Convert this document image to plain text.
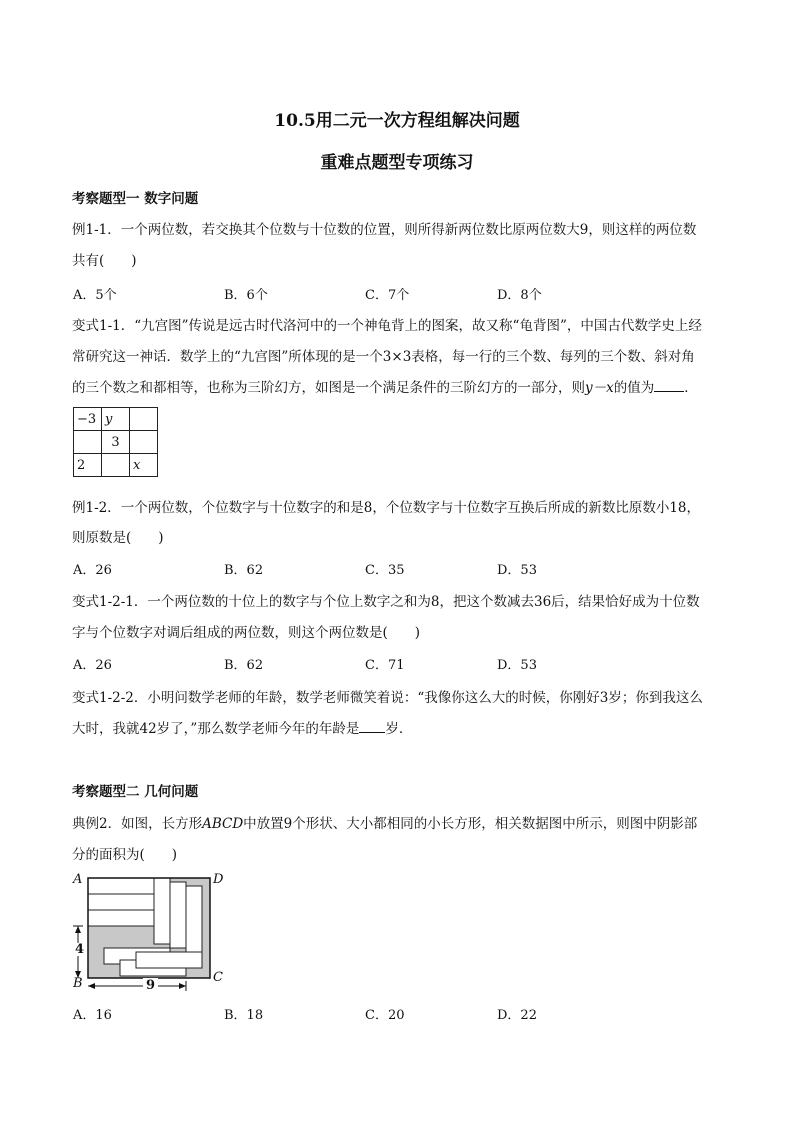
10.5用二元一次方程组解决问题
重难点题型专项练习
考察题型一 数字问题
例1-1．一个两位数，若交换其个位数与十位数的位置，则所得新两位数比原两位数大9，则这样的两位数
共有(　　)
A．5个	B．6个	C．7个	D．8个
变式1-1．“九宫图”传说是远古时代洛河中的一个神龟背上的图案，故又称“龟背图”，中国古代数学史上经
常研究这一神话．数学上的“九宫图”所体现的是一个3×3表格，每一行的三个数、每列的三个数、斜对角
的三个数之和都相等，也称为三阶幻方，如图是一个满足条件的三阶幻方的一部分，则y－x的值为 ．
−3	y	
	3	
2		x
例1-2．一个两位数，个位数字与十位数字的和是8，个位数字与十位数字互换后所成的新数比原数小18，
则原数是(　　)
A．26	B．62	C．35	D．53
变式1-2-1．一个两位数的十位上的数字与个位上数字之和为8，把这个数减去36后，结果恰好成为十位数
字与个位数字对调后组成的两位数，则这个两位数是(　　)
A．26	B．62	C．71	D．53
变式1-2-2．小明问数学老师的年龄，数学老师微笑着说：“我像你这么大的时候，你刚好3岁；你到我这么
大时，我就42岁了，”那么数学老师今年的年龄是 岁．
考察题型二 几何问题
典例2．如图，长方形ABCD中放置9个形状、大小都相同的小长方形，相关数据图中所示，则图中阴影部
分的面积为(　　)
A	D
B	C
4
9
A．16	B．18	C．20	D．22
